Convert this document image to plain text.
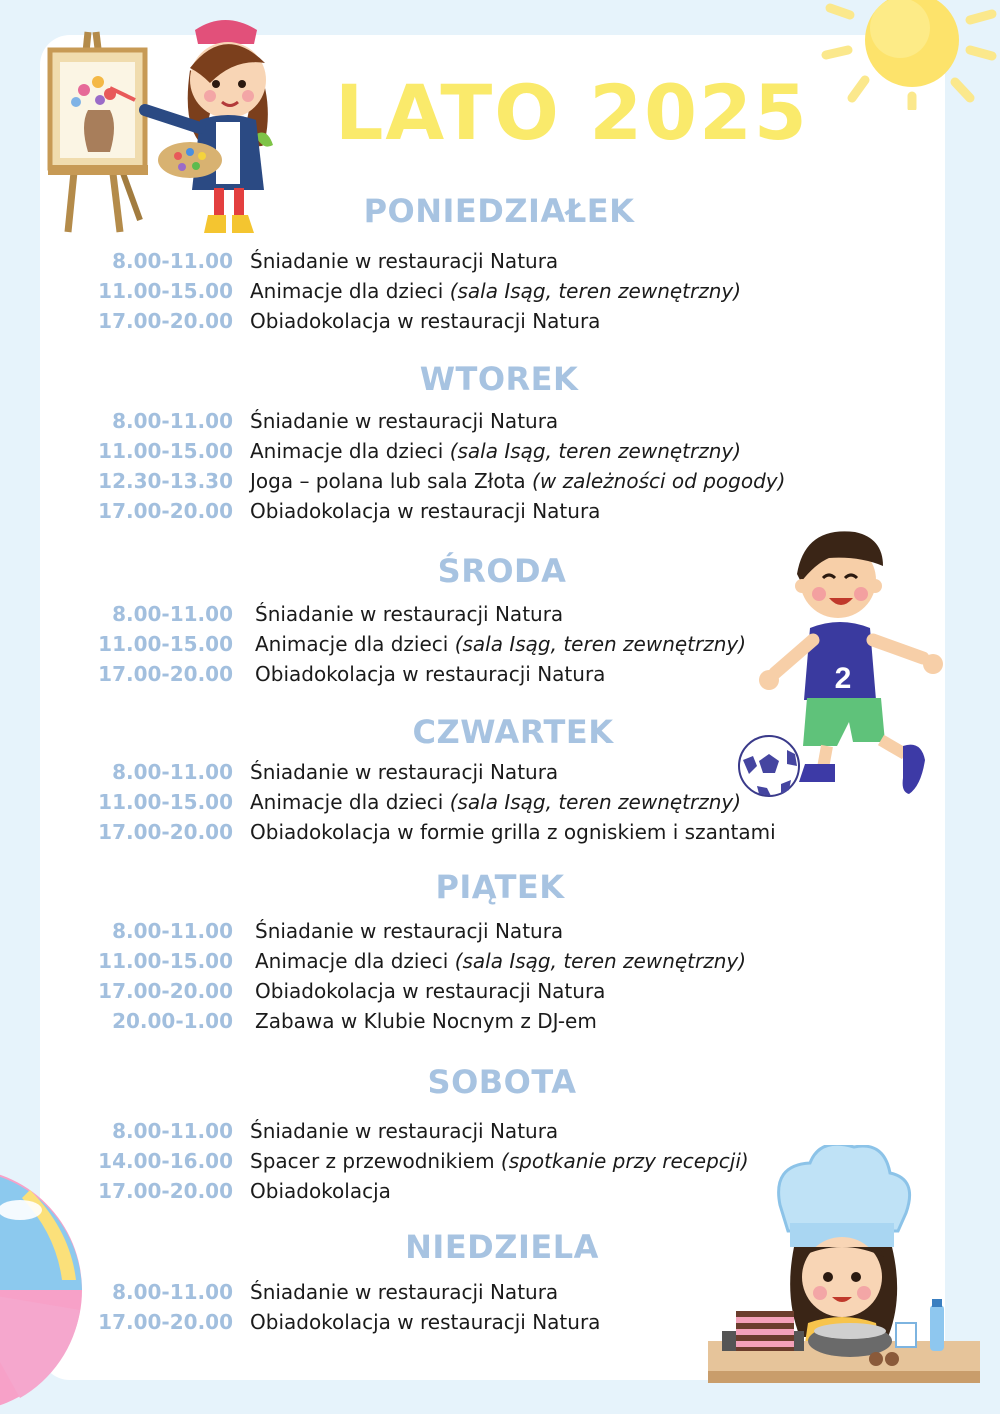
2
LATO 2025
PONIEDZIAŁEK
8.00-11.00 Śniadanie w restauracji Natura
11.00-15.00 Animacje dla dzieci (sala Isąg, teren zewnętrzny)
17.00-20.00 Obiadokolacja w restauracji Natura
WTOREK
8.00-11.00 Śniadanie w restauracji Natura
11.00-15.00 Animacje dla dzieci (sala Isąg, teren zewnętrzny)
12.30-13.30 Joga – polana lub sala Złota (w zależności od pogody)
17.00-20.00 Obiadokolacja w restauracji Natura
ŚRODA
8.00-11.00 Śniadanie w restauracji Natura
11.00-15.00 Animacje dla dzieci (sala Isąg, teren zewnętrzny)
17.00-20.00 Obiadokolacja w restauracji Natura
CZWARTEK
8.00-11.00 Śniadanie w restauracji Natura
11.00-15.00 Animacje dla dzieci (sala Isąg, teren zewnętrzny)
17.00-20.00 Obiadokolacja w formie grilla z ogniskiem i szantami
PIĄTEK
8.00-11.00 Śniadanie w restauracji Natura
11.00-15.00 Animacje dla dzieci (sala Isąg, teren zewnętrzny)
17.00-20.00 Obiadokolacja w restauracji Natura
20.00-1.00 Zabawa w Klubie Nocnym z DJ-em
SOBOTA
8.00-11.00 Śniadanie w restauracji Natura
14.00-16.00 Spacer z przewodnikiem (spotkanie przy recepcji)
17.00-20.00 Obiadokolacja
NIEDZIELA
8.00-11.00 Śniadanie w restauracji Natura
17.00-20.00 Obiadokolacja w restauracji Natura
